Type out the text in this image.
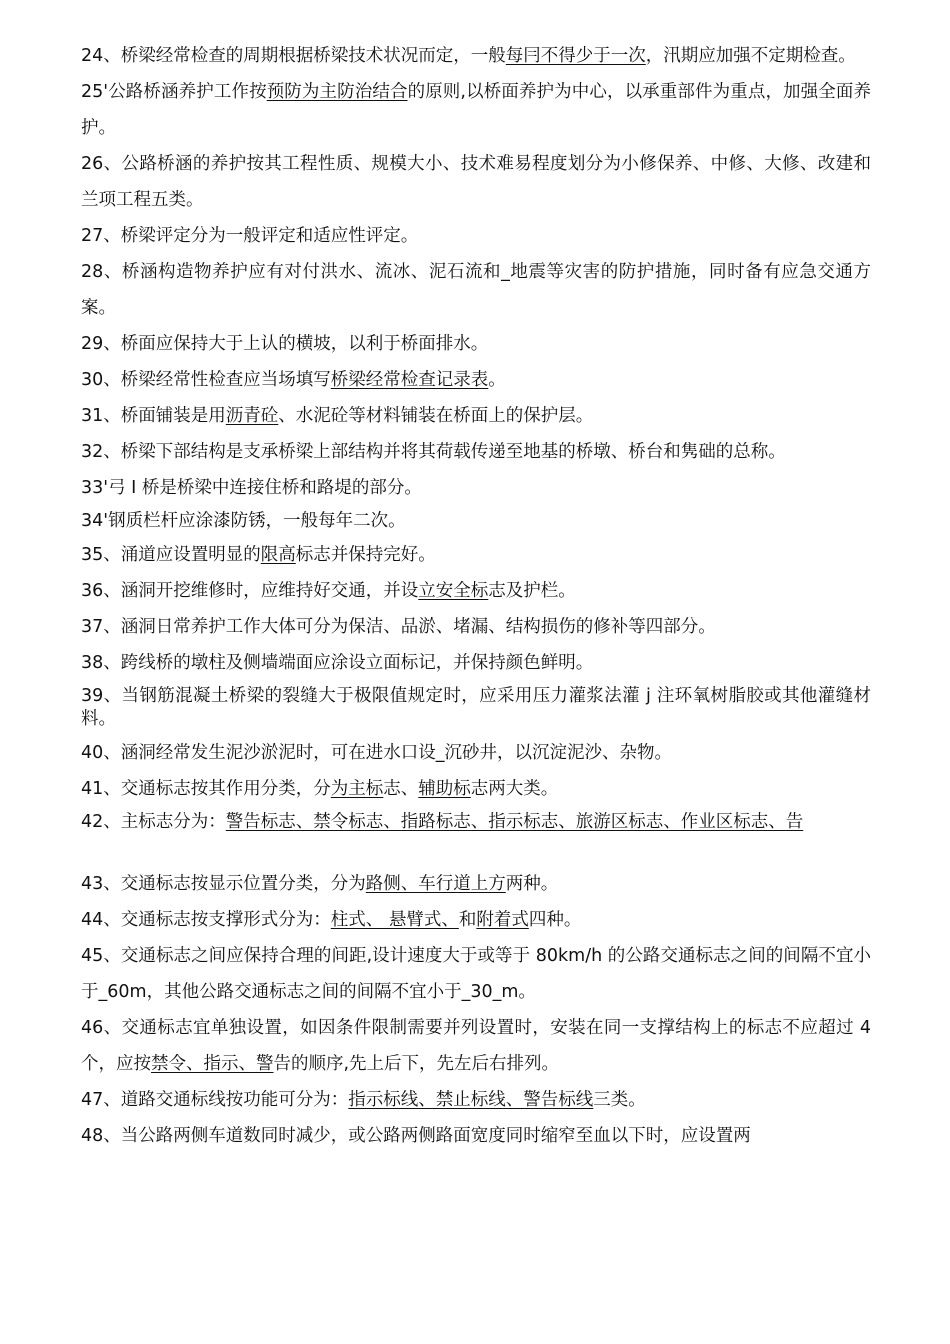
24、桥梁经常检查的周期根据桥梁技术状况而定，一般每冃不得少于一次，汛期应加强不定期检查。

25'公路桥涵养护工作按预防为主防治结合的原则,以桥面养护为中心，以承重部件为重点，加强全面养护。

26、公路桥涵的养护按其工程性质、规模大小、技术难易程度划分为小修保养、中修、大修、改建和兰项工程五类。

27、桥梁评定分为一般评定和适应性评定。

28、桥涵构造物养护应有对付洪水、流冰、泥石流和_地震等灾害的防护措施，同时备有应急交通方案。

29、桥面应保持大于上认的横坡，以利于桥面排水。

30、桥梁经常性检查应当场填写桥梁经常检查记录表。

31、桥面铺装是用沥青砼、水泥砼等材料铺装在桥面上的保护层。

32、桥梁下部结构是支承桥梁上部结构并将其荷载传递至地基的桥墩、桥台和隽础的总称。

33'弓 I 桥是桥梁中连接住桥和路堤的部分。

34'钢质栏杆应涂漆防锈，一般每年二次。

35、涌道应设置明显的限高标志并保持完好。

36、涵洞开挖维修时，应维持好交通，并设立安全标志及护栏。

37、涵洞日常养护工作大体可分为保洁、品淤、堵漏、结构损伤的修补等四部分。

38、跨线桥的墩柱及侧墙端面应涂设立面标记，并保持颜色鲜明。

39、当钢筋混凝土桥梁的裂缝大于极限值规定时，应采用压力灌浆法灌 j 注环氧树脂胶或其他灌缝材料。

40、涵洞经常发生泥沙淤泥时，可在进水口设_沉砂井，以沉淀泥沙、杂物。

41、交通标志按其作用分类，分为主标志、辅助标志两大类。

42、主标志分为：警告标志、禁令标志、指路标志、指示标志、旅游区标志、作业区标志、告

43、交通标志按显示位置分类，分为路侧、车行道上方两种。

44、交通标志按支撑形式分为：柱式、 悬臂式、和附着式四种。

45、交通标志之间应保持合理的间距,设计速度大于或等于 80km/h 的公路交通标志之间的间隔不宜小于_60m，其他公路交通标志之间的间隔不宜小于_30_m。

46、交通标志宜单独设置，如因条件限制需要并列设置时，安装在同一支撑结构上的标志不应超过 4 个，应按禁令、指示、警告的顺序,先上后下，先左后右排列。

47、道路交通标线按功能可分为：指示标线、禁止标线、警告标线三类。

48、当公路两侧车道数同时减少，或公路两侧路面宽度同时缩窄至血以下时，应设置两
